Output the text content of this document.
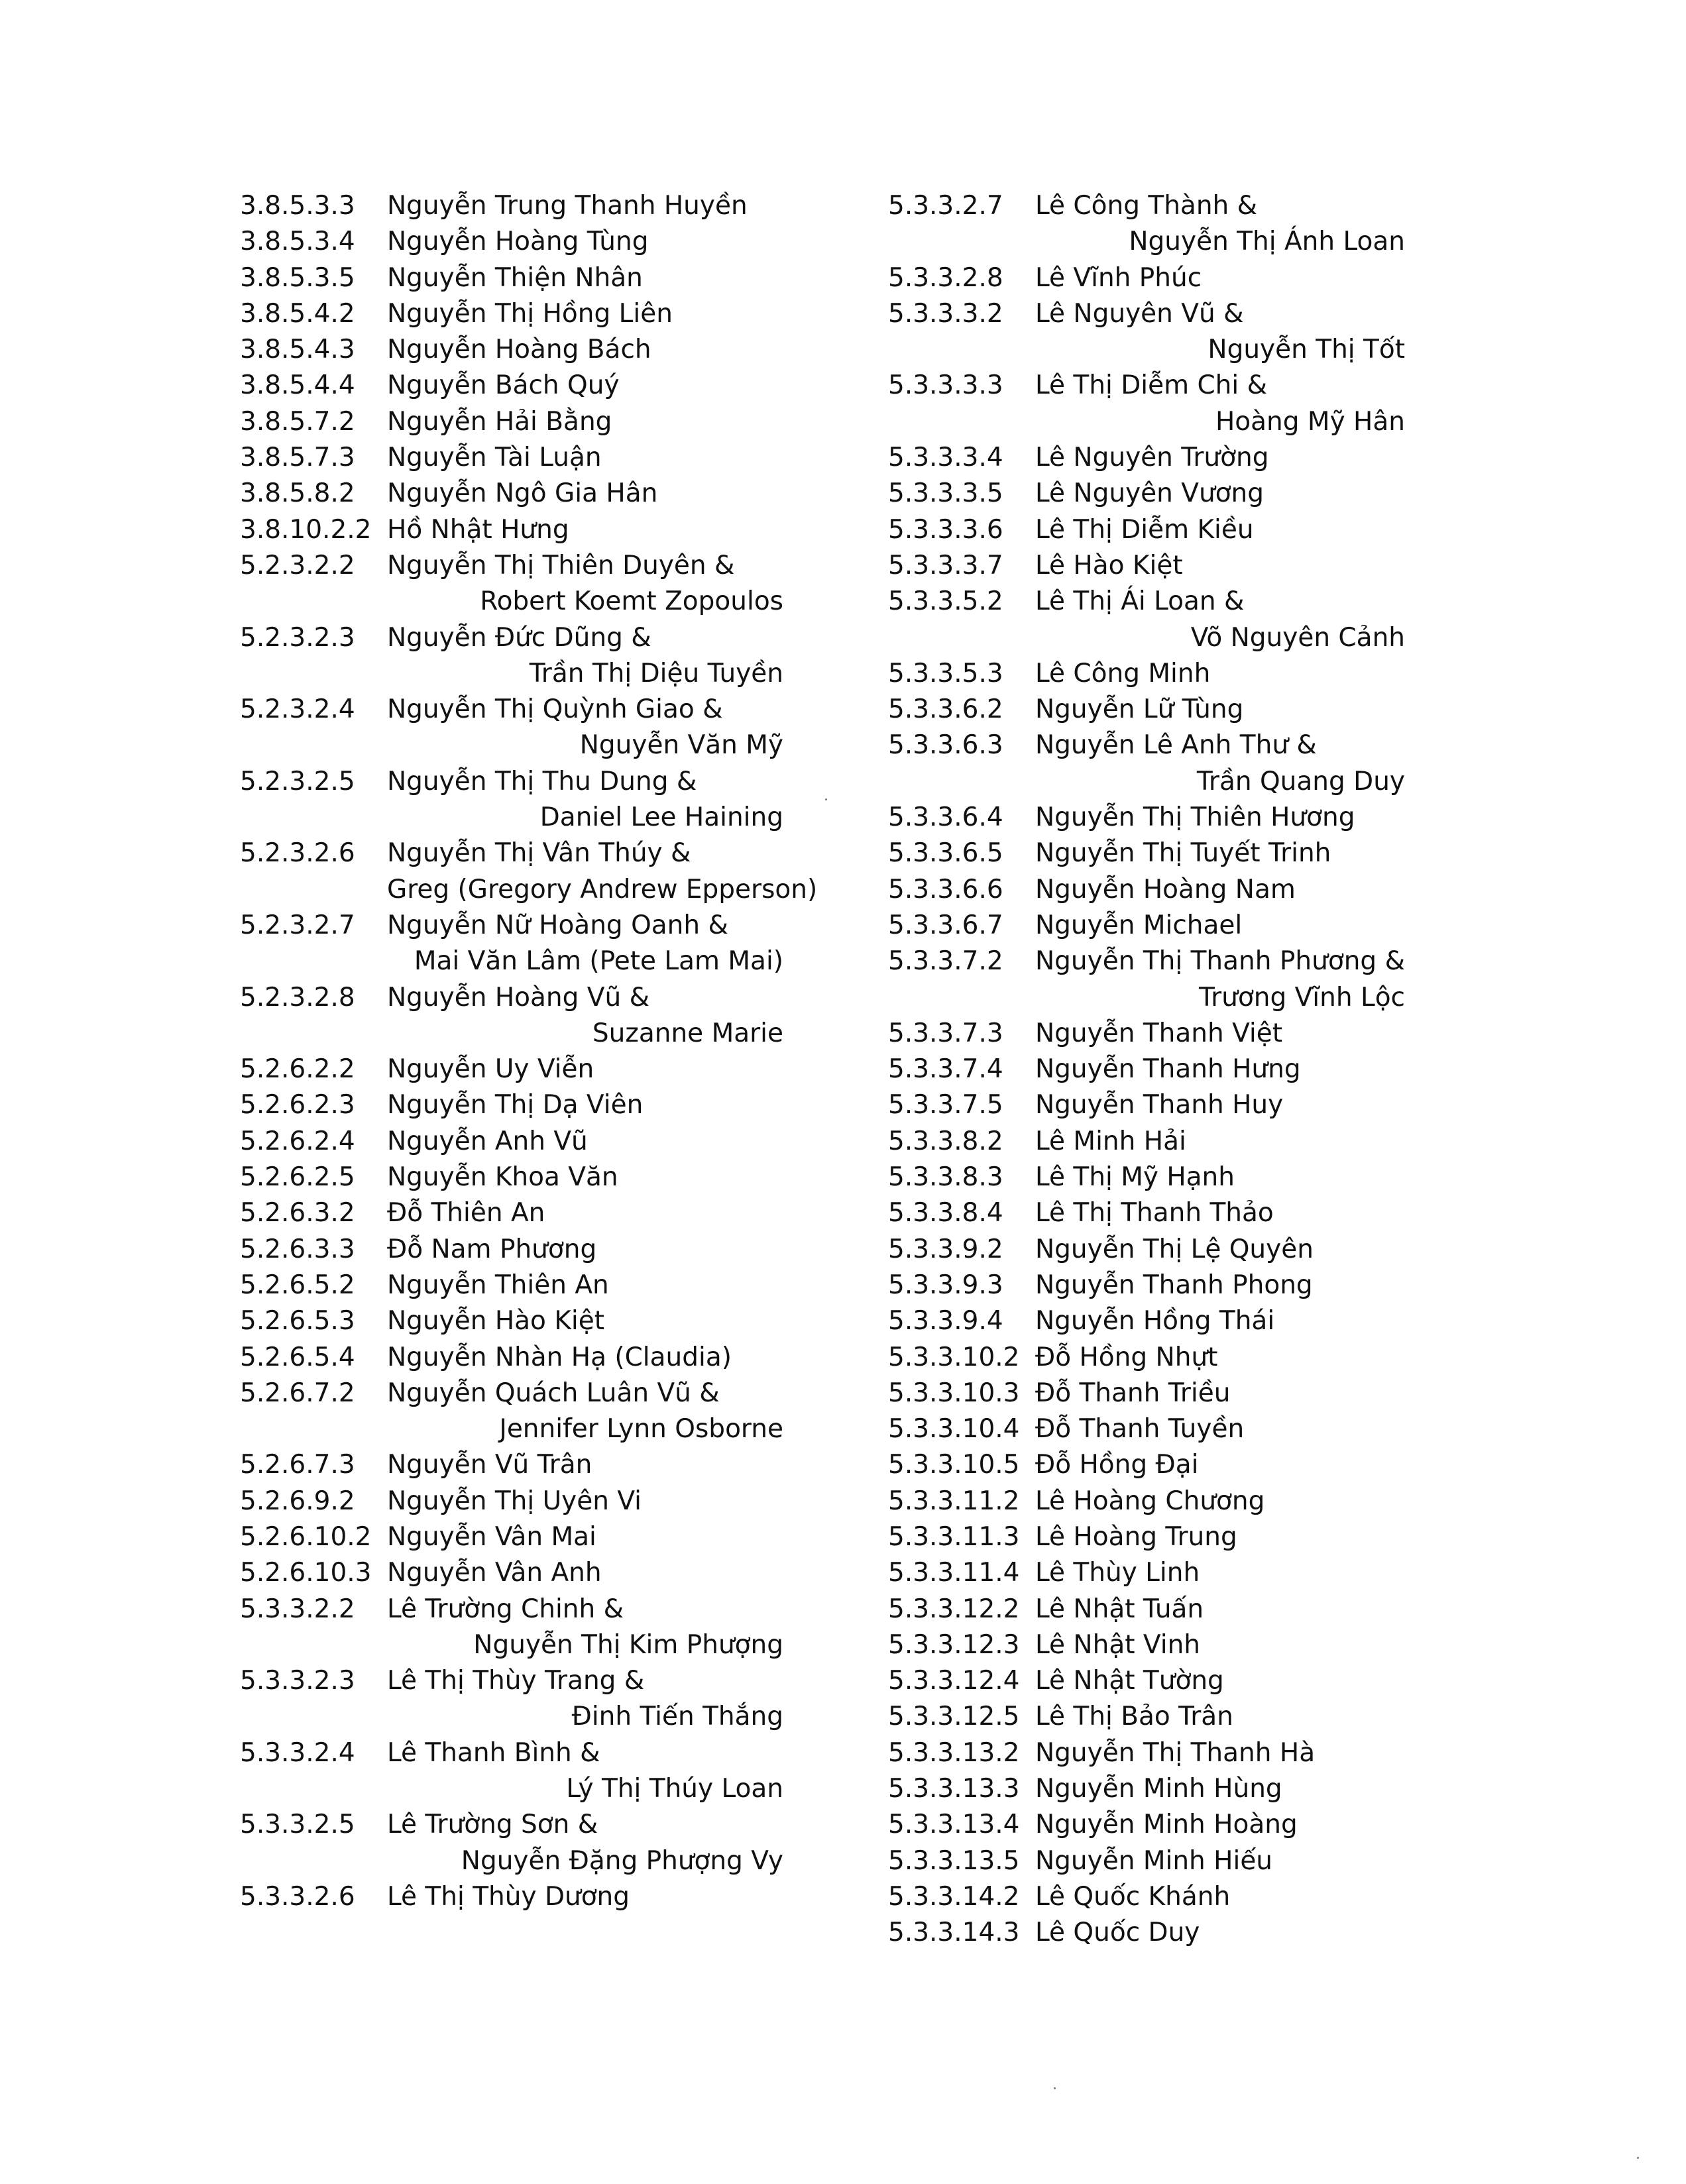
3.8.5.3.3 Nguyễn Trung Thanh Huyền
3.8.5.3.4 Nguyễn Hoàng Tùng
3.8.5.3.5 Nguyễn Thiện Nhân
3.8.5.4.2 Nguyễn Thị Hồng Liên
3.8.5.4.3 Nguyễn Hoàng Bách
3.8.5.4.4 Nguyễn Bách Quý
3.8.5.7.2 Nguyễn Hải Bằng
3.8.5.7.3 Nguyễn Tài Luận
3.8.5.8.2 Nguyễn Ngô Gia Hân
3.8.10.2.2 Hồ Nhật Hưng
5.2.3.2.2 Nguyễn Thị Thiên Duyên &
Robert Koemt Zopoulos
5.2.3.2.3 Nguyễn Đức Dũng &
Trần Thị Diệu Tuyền
5.2.3.2.4 Nguyễn Thị Quỳnh Giao &
Nguyễn Văn Mỹ
5.2.3.2.5 Nguyễn Thị Thu Dung &
Daniel Lee Haining
5.2.3.2.6 Nguyễn Thị Vân Thúy &
Greg (Gregory Andrew Epperson)
5.2.3.2.7 Nguyễn Nữ Hoàng Oanh &
Mai Văn Lâm (Pete Lam Mai)
5.2.3.2.8 Nguyễn Hoàng Vũ &
Suzanne Marie
5.2.6.2.2 Nguyễn Uy Viễn
5.2.6.2.3 Nguyễn Thị Dạ Viên
5.2.6.2.4 Nguyễn Anh Vũ
5.2.6.2.5 Nguyễn Khoa Văn
5.2.6.3.2 Đỗ Thiên An
5.2.6.3.3 Đỗ Nam Phương
5.2.6.5.2 Nguyễn Thiên An
5.2.6.5.3 Nguyễn Hào Kiệt
5.2.6.5.4 Nguyễn Nhàn Hạ (Claudia)
5.2.6.7.2 Nguyễn Quách Luân Vũ &
Jennifer Lynn Osborne
5.2.6.7.3 Nguyễn Vũ Trân
5.2.6.9.2 Nguyễn Thị Uyên Vi
5.2.6.10.2 Nguyễn Vân Mai
5.2.6.10.3 Nguyễn Vân Anh
5.3.3.2.2 Lê Trường Chinh &
Nguyễn Thị Kim Phượng
5.3.3.2.3 Lê Thị Thùy Trang &
Đinh Tiến Thắng
5.3.3.2.4 Lê Thanh Bình &
Lý Thị Thúy Loan
5.3.3.2.5 Lê Trường Sơn &
Nguyễn Đặng Phượng Vy
5.3.3.2.6 Lê Thị Thùy Dương
5.3.3.2.7 Lê Công Thành &
Nguyễn Thị Ánh Loan
5.3.3.2.8 Lê Vĩnh Phúc
5.3.3.3.2 Lê Nguyên Vũ &
Nguyễn Thị Tốt
5.3.3.3.3 Lê Thị Diễm Chi &
Hoàng Mỹ Hân
5.3.3.3.4 Lê Nguyên Trường
5.3.3.3.5 Lê Nguyên Vương
5.3.3.3.6 Lê Thị Diễm Kiều
5.3.3.3.7 Lê Hào Kiệt
5.3.3.5.2 Lê Thị Ái Loan &
Võ Nguyên Cảnh
5.3.3.5.3 Lê Công Minh
5.3.3.6.2 Nguyễn Lữ Tùng
5.3.3.6.3 Nguyễn Lê Anh Thư &
Trần Quang Duy
5.3.3.6.4 Nguyễn Thị Thiên Hương
5.3.3.6.5 Nguyễn Thị Tuyết Trinh
5.3.3.6.6 Nguyễn Hoàng Nam
5.3.3.6.7 Nguyễn Michael
5.3.3.7.2 Nguyễn Thị Thanh Phương &
Trương Vĩnh Lộc
5.3.3.7.3 Nguyễn Thanh Việt
5.3.3.7.4 Nguyễn Thanh Hưng
5.3.3.7.5 Nguyễn Thanh Huy
5.3.3.8.2 Lê Minh Hải
5.3.3.8.3 Lê Thị Mỹ Hạnh
5.3.3.8.4 Lê Thị Thanh Thảo
5.3.3.9.2 Nguyễn Thị Lệ Quyên
5.3.3.9.3 Nguyễn Thanh Phong
5.3.3.9.4 Nguyễn Hồng Thái
5.3.3.10.2 Đỗ Hồng Nhựt
5.3.3.10.3 Đỗ Thanh Triều
5.3.3.10.4 Đỗ Thanh Tuyền
5.3.3.10.5 Đỗ Hồng Đại
5.3.3.11.2 Lê Hoàng Chương
5.3.3.11.3 Lê Hoàng Trung
5.3.3.11.4 Lê Thùy Linh
5.3.3.12.2 Lê Nhật Tuấn
5.3.3.12.3 Lê Nhật Vinh
5.3.3.12.4 Lê Nhật Tường
5.3.3.12.5 Lê Thị Bảo Trân
5.3.3.13.2 Nguyễn Thị Thanh Hà
5.3.3.13.3 Nguyễn Minh Hùng
5.3.3.13.4 Nguyễn Minh Hoàng
5.3.3.13.5 Nguyễn Minh Hiếu
5.3.3.14.2 Lê Quốc Khánh
5.3.3.14.3 Lê Quốc Duy
